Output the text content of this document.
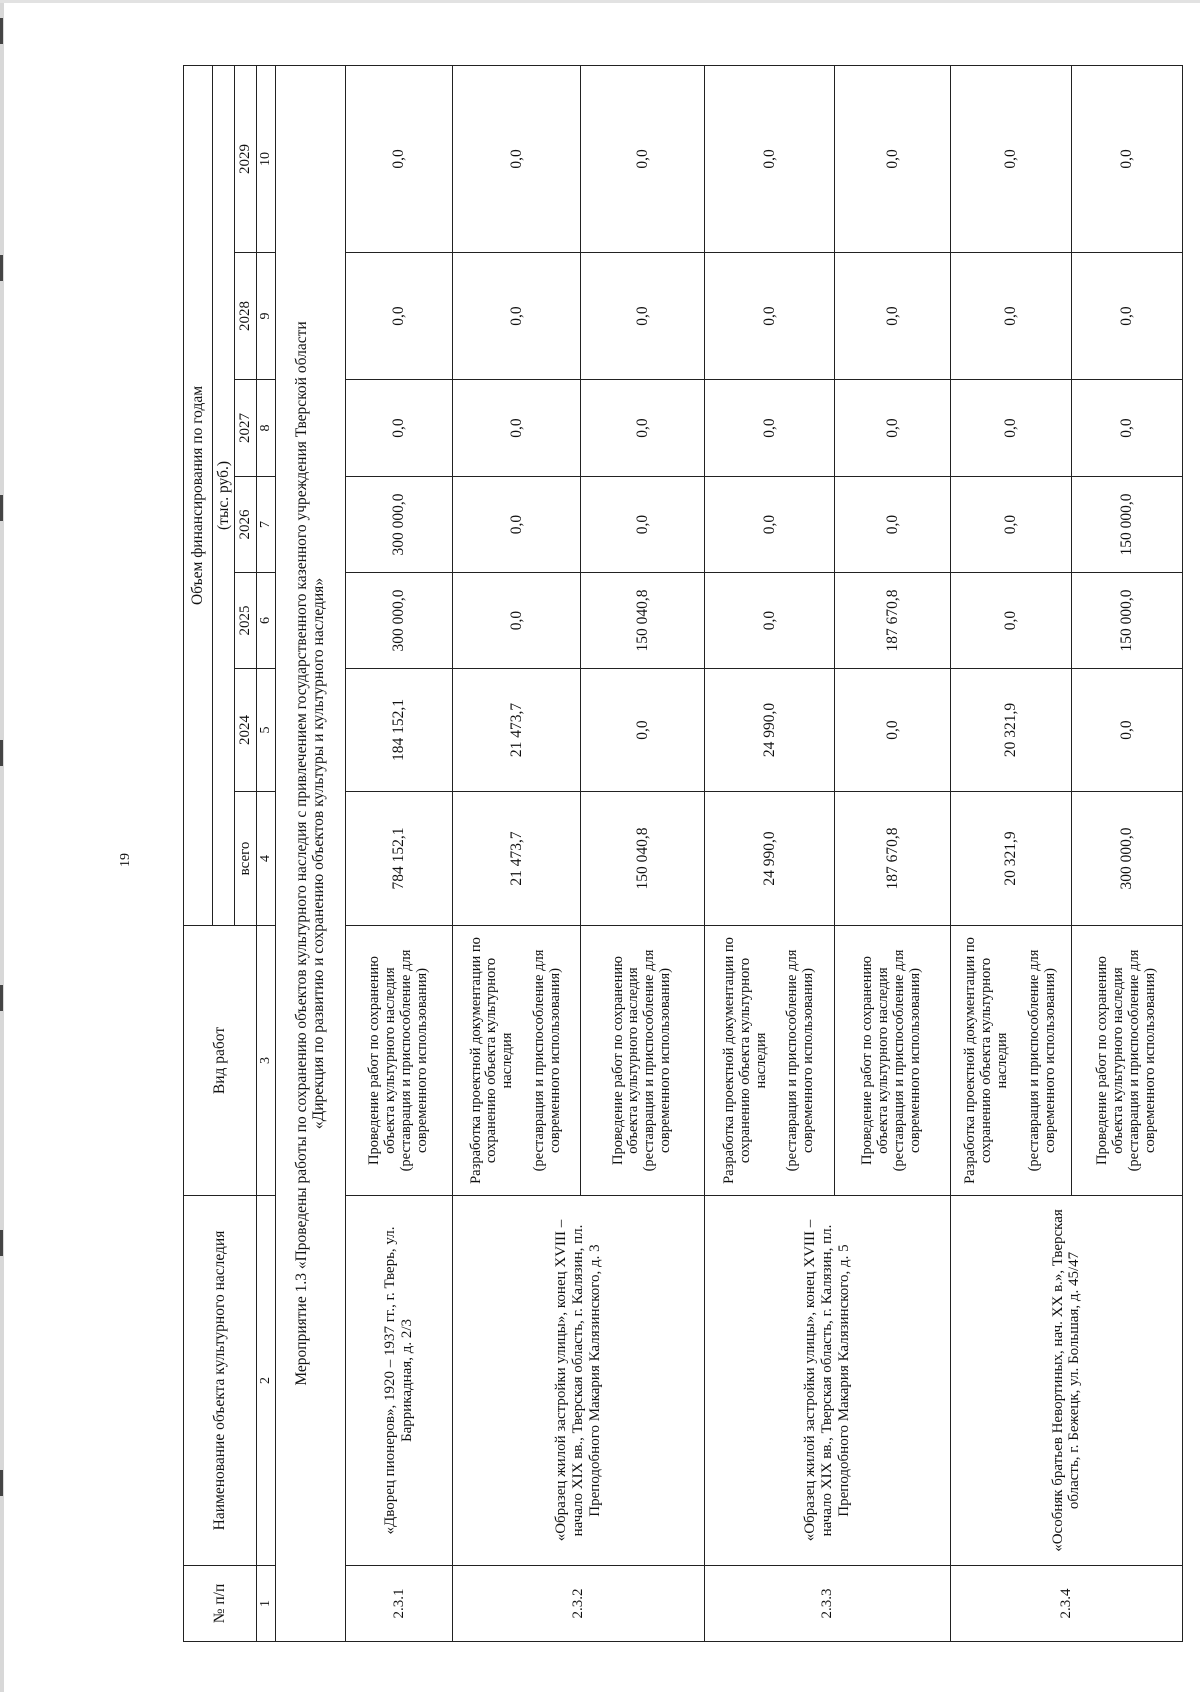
19
№ п/п	Наименование объекта культурного наследия	Вид работ	Объем финансирования по годам						
			(тыс. руб.)						
			всего	2024	2025	2026	2027	2028	2029
1	2	3	4	5	6	7	8	9	10
Мероприятие 1.3 «Проведены работы по сохранению объектов культурного наследия с привлечением государственного казенного учреждения Тверской области
«Дирекция по развитию и сохранению объектов культуры и культурного наследия»									
2.3.1	«Дворец пионеров», 1920 – 1937 гг., г. Тверь, ул. Баррикадная, д. 2/3	Проведение работ по сохранению объекта культурного наследия (реставрация и приспособление для современного использования)	784 152,1	184 152,1	300 000,0	300 000,0	0,0	0,0	0,0
2.3.2	«Образец жилой застройки улицы», конец XVIII – начало XIX вв., Тверская область, г. Калязин, пл. Преподобного Макария Калязинского, д. 3	Разработка проектной документации по сохранению объекта культурного наследия (реставрация и приспособление для современного использования)	21 473,7	21 473,7	0,0	0,0	0,0	0,0	0,0
		Проведение работ по сохранению объекта культурного наследия (реставрация и приспособление для современного использования)	150 040,8	0,0	150 040,8	0,0	0,0	0,0	0,0
2.3.3	«Образец жилой застройки улицы», конец XVIII – начало XIX вв., Тверская область, г. Калязин, пл. Преподобного Макария Калязинского, д. 5	Разработка проектной документации по сохранению объекта культурного наследия (реставрация и приспособление для современного использования)	24 990,0	24 990,0	0,0	0,0	0,0	0,0	0,0
		Проведение работ по сохранению объекта культурного наследия (реставрация и приспособление для современного использования)	187 670,8	0,0	187 670,8	0,0	0,0	0,0	0,0
2.3.4	«Особняк братьев Невортиных, нач. XX в.», Тверская область, г. Бежецк, ул. Большая, д. 45/47	Разработка проектной документации по сохранению объекта культурного наследия (реставрация и приспособление для современного использования)	20 321,9	20 321,9	0,0	0,0	0,0	0,0	0,0
		Проведение работ по сохранению объекта культурного наследия (реставрация и приспособление для современного использования)	300 000,0	0,0	150 000,0	150 000,0	0,0	0,0	0,0
